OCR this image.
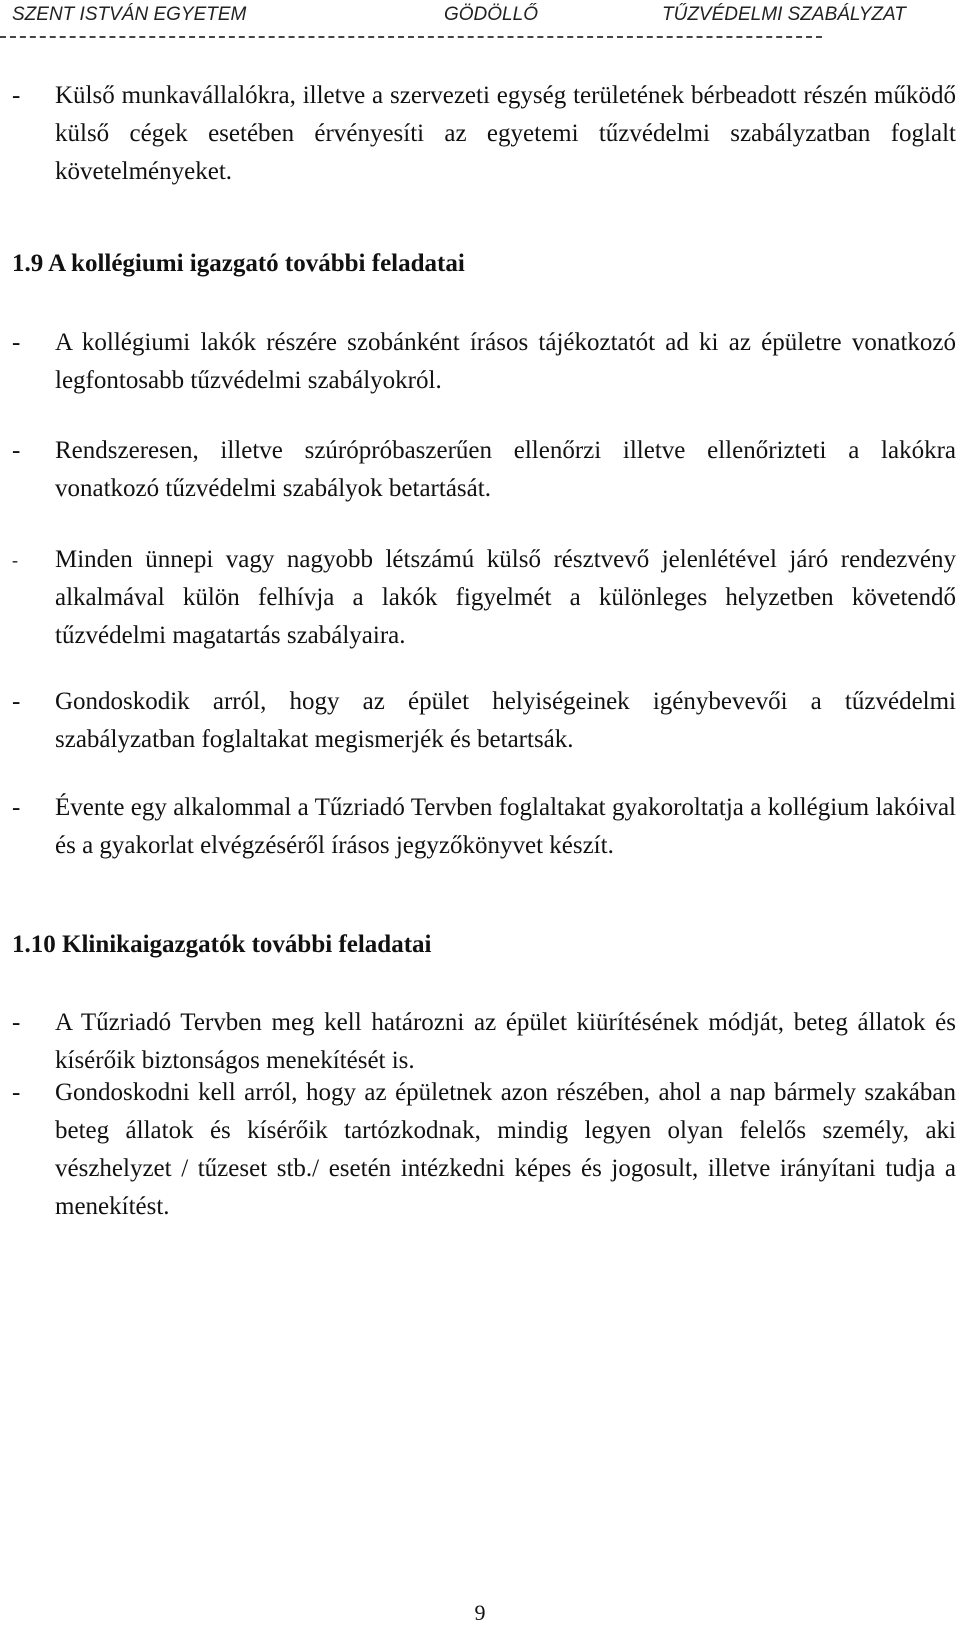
SZENT ISTVÁN EGYETEM	GÖDÖLLŐ	TŰZVÉDELMI SZABÁLYZAT
-	Külső munkavállalókra, illetve a szervezeti egység területének bérbeadott részén működő külső cégek esetében érvényesíti az egyetemi tűzvédelmi szabályzatban foglalt követelményeket.
1.9 A kollégiumi igazgató további feladatai
-	A kollégiumi lakók részére szobánként írásos tájékoztatót ad ki az épületre vonatkozó legfontosabb tűzvédelmi szabályokról.
-	Rendszeresen, illetve szúrópróbaszerűen ellenőrzi illetve ellenőrizteti a lakókra vonatkozó tűzvédelmi szabályok betartását.
-	Minden ünnepi vagy nagyobb létszámú külső résztvevő jelenlétével járó rendezvény alkalmával külön felhívja a lakók figyelmét a különleges helyzetben követendő tűzvédelmi magatartás szabályaira.
-	Gondoskodik arról, hogy az épület helyiségeinek igénybevevői a tűzvédelmi szabályzatban foglaltakat megismerjék és betartsák.
-	Évente egy alkalommal a Tűzriadó Tervben foglaltakat gyakoroltatja a kollégium lakóival és a gyakorlat elvégzéséről írásos jegyzőkönyvet készít.
1.10 Klinikaigazgatók további feladatai
-	A Tűzriadó Tervben meg kell határozni az épület kiürítésének módját, beteg állatok és kísérőik biztonságos menekítését is.
-	Gondoskodni kell arról, hogy az épületnek azon részében, ahol a nap bármely szakában beteg állatok és kísérőik tartózkodnak, mindig legyen olyan felelős személy, aki vészhelyzet / tűzeset stb./ esetén intézkedni képes és jogosult, illetve irányítani tudja a menekítést.
9
